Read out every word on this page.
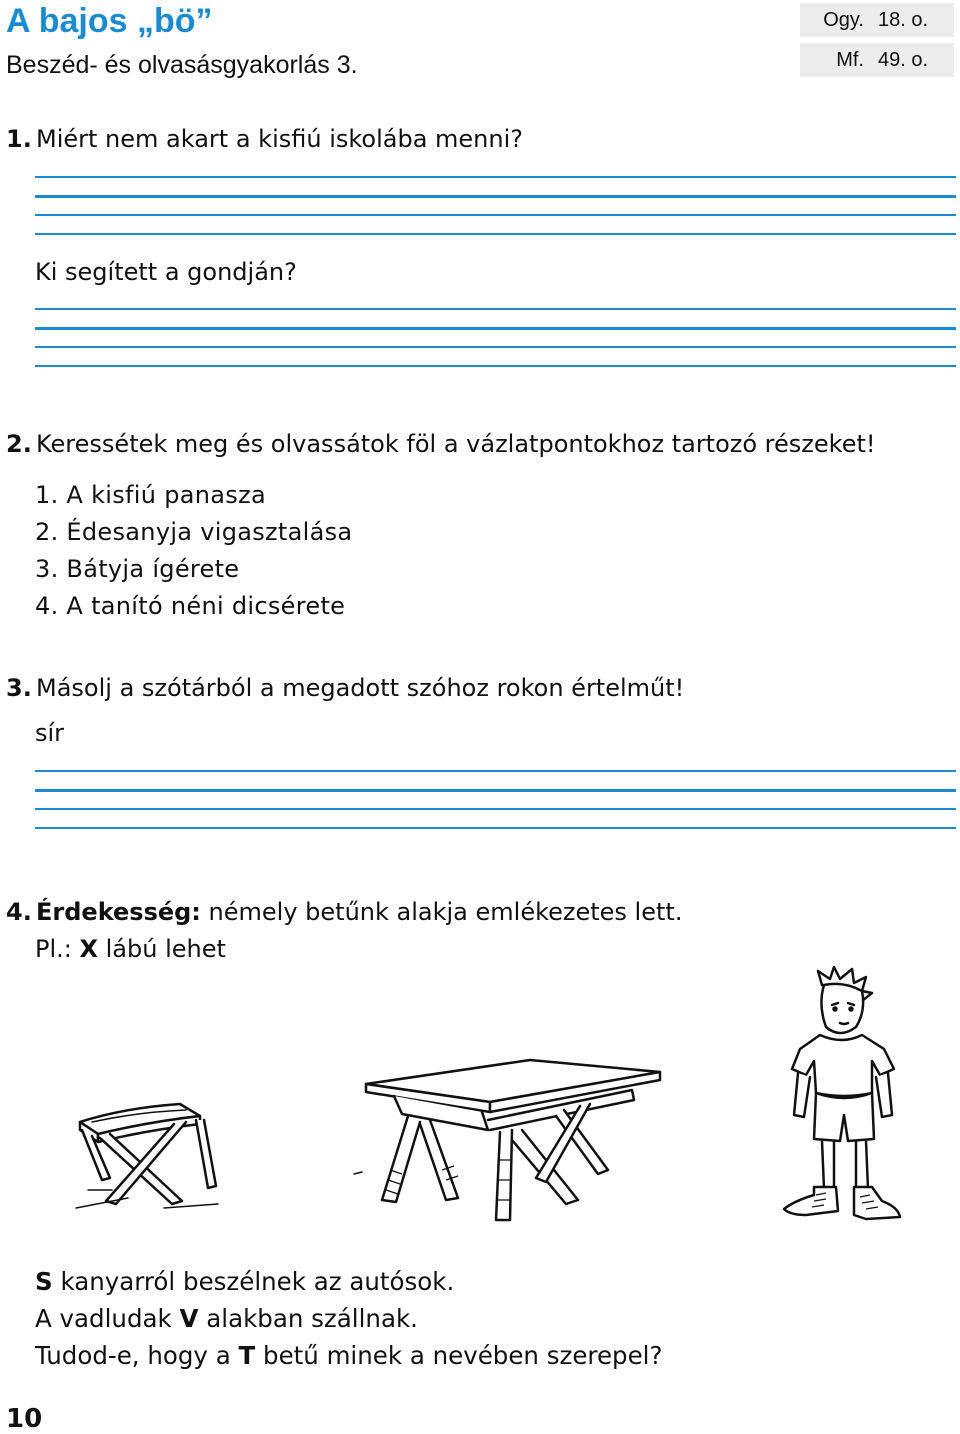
A bajos „bö”
Beszéd- és olvasásgyakorlás 3.
Ogy. 18. o.
Mf. 49. o.
1. Miért nem akart a kisfiú iskolába menni?
Ki segített a gondján?
2. Keressétek meg és olvassátok föl a vázlatpontokhoz tartozó részeket!
1. A kisfiú panasza
2. Édesanyja vigasztalása
3. Bátyja ígérete
4. A tanító néni dicsérete
3. Másolj a szótárból a megadott szóhoz rokon értelműt!
sír
4. Érdekesség: némely betűnk alakja emlékezetes lett.
Pl.: X lábú lehet
S kanyarról beszélnek az autósok.
A vadludak V alakban szállnak.
Tudod-e, hogy a T betű minek a nevében szerepel?
10
